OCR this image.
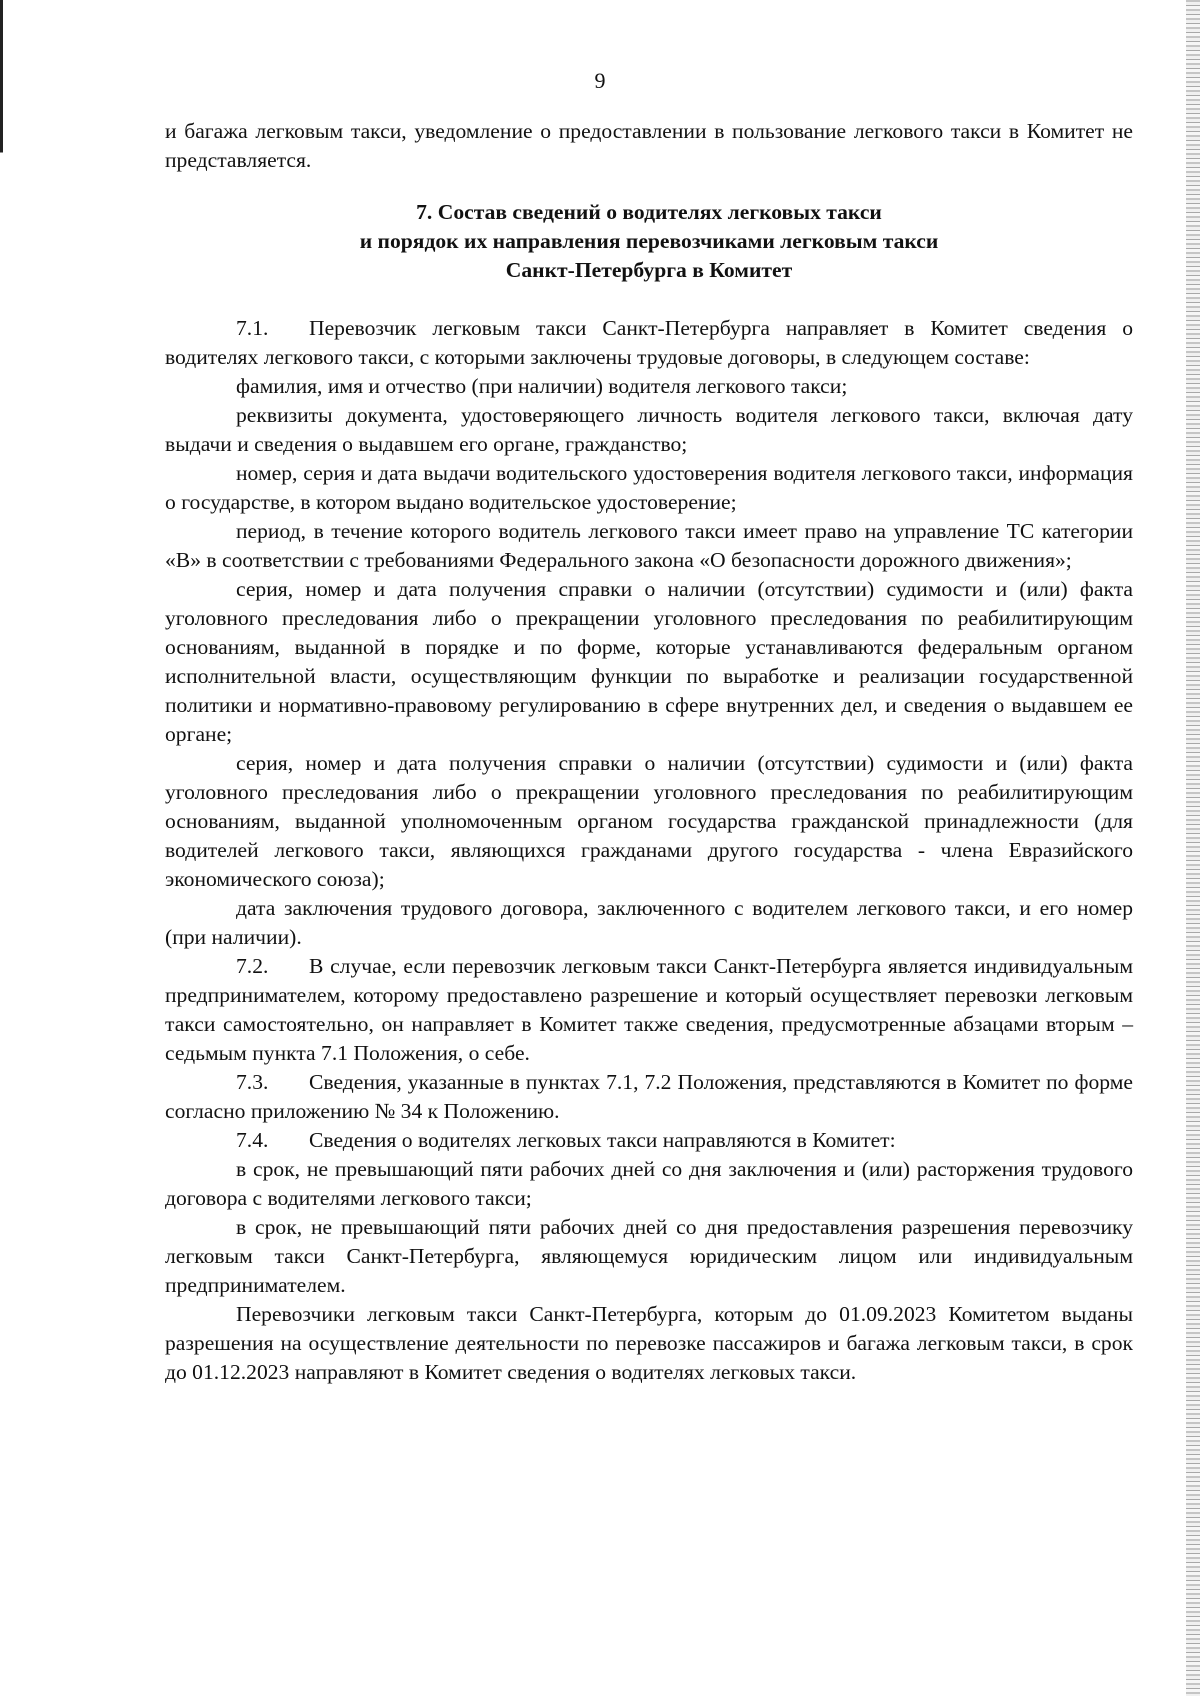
9

и багажа легковым такси, уведомление о предоставлении в пользование легкового такси в Комитет не представляется.

7. Состав сведений о водителях легковых такси
и порядок их направления перевозчиками легковым такси
Санкт-Петербурга в Комитет

7.1. Перевозчик легковым такси Санкт-Петербурга направляет в Комитет сведения о водителях легкового такси, с которыми заключены трудовые договоры, в следующем составе:

фамилия, имя и отчество (при наличии) водителя легкового такси;

реквизиты документа, удостоверяющего личность водителя легкового такси, включая дату выдачи и сведения о выдавшем его органе, гражданство;

номер, серия и дата выдачи водительского удостоверения водителя легкового такси, информация о государстве, в котором выдано водительское удостоверение;

период, в течение которого водитель легкового такси имеет право на управление ТС категории «В» в соответствии с требованиями Федерального закона «О безопасности дорожного движения»;

серия, номер и дата получения справки о наличии (отсутствии) судимости и (или) факта уголовного преследования либо о прекращении уголовного преследования по реабилитирующим основаниям, выданной в порядке и по форме, которые устанавливаются федеральным органом исполнительной власти, осуществляющим функции по выработке и реализации государственной политики и нормативно-правовому регулированию в сфере внутренних дел, и сведения о выдавшем ее органе;

серия, номер и дата получения справки о наличии (отсутствии) судимости и (или) факта уголовного преследования либо о прекращении уголовного преследования по реабилитирующим основаниям, выданной уполномоченным органом государства гражданской принадлежности (для водителей легкового такси, являющихся гражданами другого государства - члена Евразийского экономического союза);

дата заключения трудового договора, заключенного с водителем легкового такси, и его номер (при наличии).

7.2. В случае, если перевозчик легковым такси Санкт-Петербурга является индивидуальным предпринимателем, которому предоставлено разрешение и который осуществляет перевозки легковым такси самостоятельно, он направляет в Комитет также сведения, предусмотренные абзацами вторым – седьмым пункта 7.1 Положения, о себе.

7.3. Сведения, указанные в пунктах 7.1, 7.2 Положения, представляются в Комитет по форме согласно приложению № 34 к Положению.

7.4. Сведения о водителях легковых такси направляются в Комитет:

в срок, не превышающий пяти рабочих дней со дня заключения и (или) расторжения трудового договора с водителями легкового такси;

в срок, не превышающий пяти рабочих дней со дня предоставления разрешения перевозчику легковым такси Санкт-Петербурга, являющемуся юридическим лицом или индивидуальным предпринимателем.

Перевозчики легковым такси Санкт-Петербурга, которым до 01.09.2023 Комитетом выданы разрешения на осуществление деятельности по перевозке пассажиров и багажа легковым такси, в срок до 01.12.2023 направляют в Комитет сведения о водителях легковых такси.
